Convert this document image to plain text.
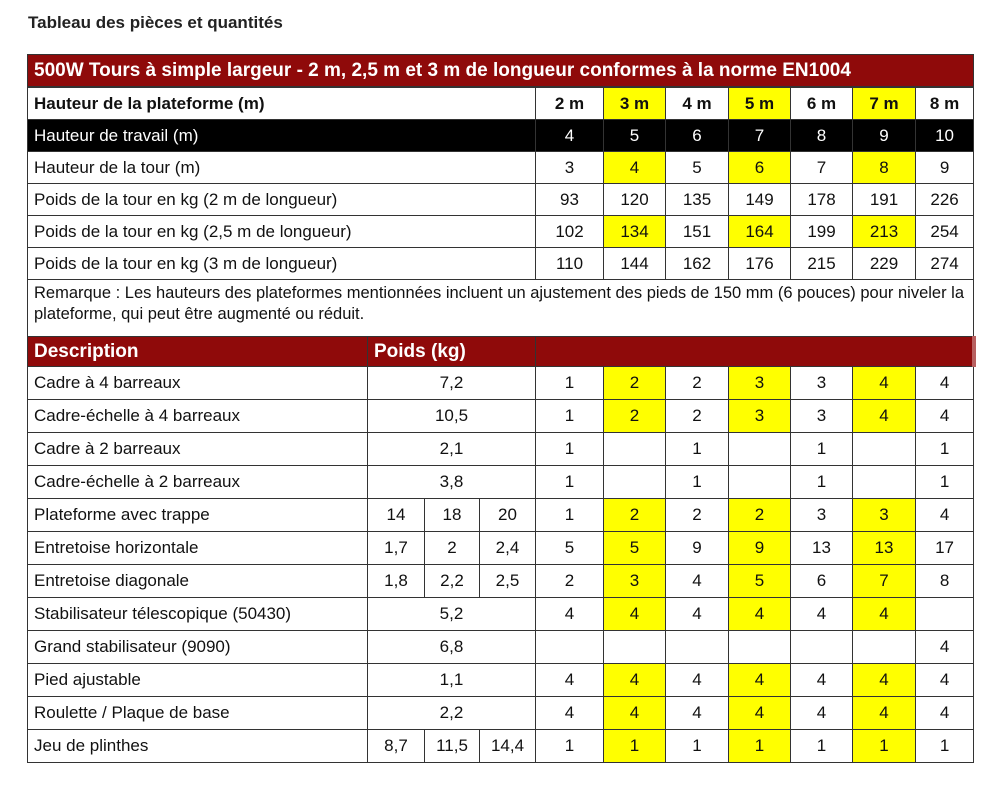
Tableau des pièces et quantités
500W Tours à simple largeur - 2 m, 2,5 m et 3 m de longueur conformes à la norme EN1004										
Hauteur de la plateforme (m)				2 m	3 m	4 m	5 m	6 m	7 m	8 m
Hauteur de travail (m)				4	5	6	7	8	9	10
Hauteur de la tour (m)				3	4	5	6	7	8	9
Poids de la tour en kg (2 m de longueur)				93	120	135	149	178	191	226
Poids de la tour en kg (2,5 m de longueur)				102	134	151	164	199	213	254
Poids de la tour en kg (3 m de longueur)				110	144	162	176	215	229	274
Remarque : Les hauteurs des plateformes mentionnées incluent un ajustement des pieds de 150 mm (6 pouces) pour niveler la plateforme, qui peut être augmenté ou réduit.										
Description	Poids (kg)									
Cadre à 4 barreaux	7,2			1	2	2	3	3	4	4
Cadre-échelle à 4 barreaux	10,5			1	2	2	3	3	4	4
Cadre à 2 barreaux	2,1			1		1		1		1
Cadre-échelle à 2 barreaux	3,8			1		1		1		1
Plateforme avec trappe	14	18	20	1	2	2	2	3	3	4
Entretoise horizontale	1,7	2	2,4	5	5	9	9	13	13	17
Entretoise diagonale	1,8	2,2	2,5	2	3	4	5	6	7	8
Stabilisateur télescopique (50430)	5,2			4	4	4	4	4	4	
Grand stabilisateur (9090)	6,8									4
Pied ajustable	1,1			4	4	4	4	4	4	4
Roulette / Plaque de base	2,2			4	4	4	4	4	4	4
Jeu de plinthes	8,7	11,5	14,4	1	1	1	1	1	1	1
